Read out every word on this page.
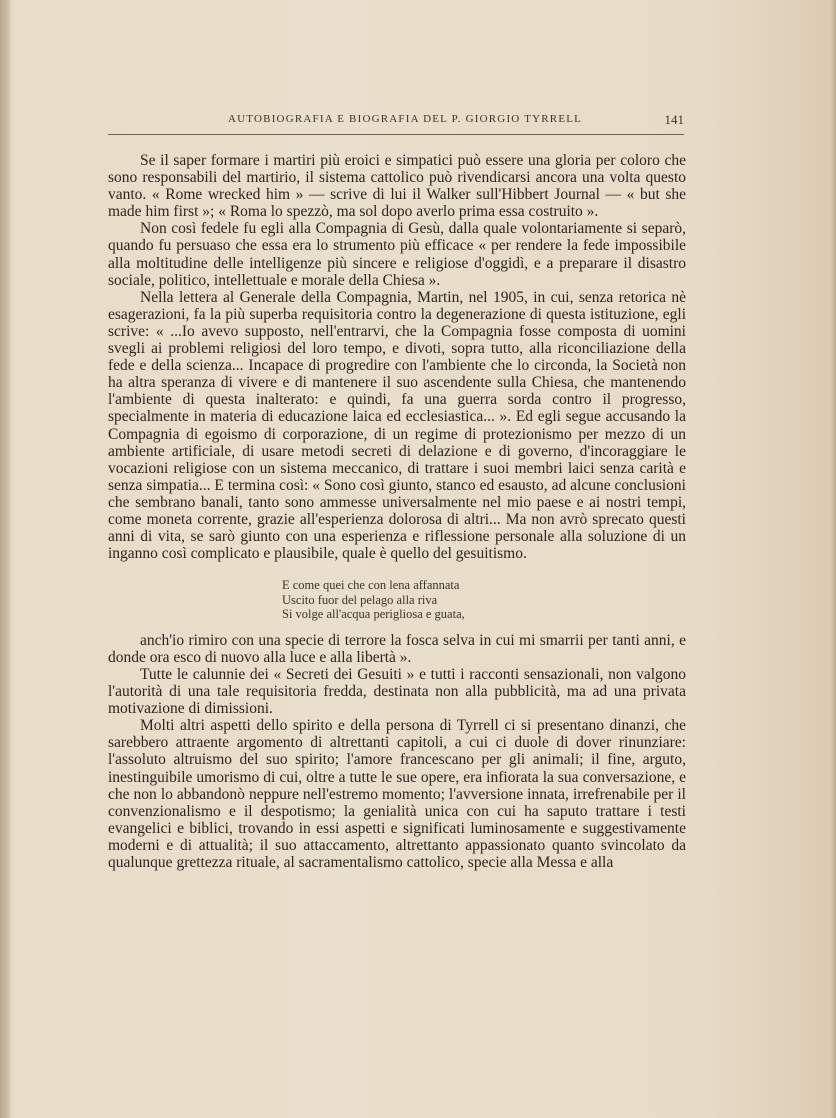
AUTOBIOGRAFIA E BIOGRAFIA DEL P. GIORGIO TYRRELL	141

Se il saper formare i martiri più eroici e simpatici può essere una gloria per coloro che sono responsabili del martirio, il sistema cattolico può rivendicarsi ancora una volta questo vanto. « Rome wrecked him » — scrive di lui il Walker sull'Hibbert Journal — « but she made him first »; « Roma lo spezzò, ma sol dopo averlo prima essa costruito ».

Non così fedele fu egli alla Compagnia di Gesù, dalla quale volontariamente si separò, quando fu persuaso che essa era lo strumento più efficace « per rendere la fede impossibile alla moltitudine delle intelligenze più sincere e religiose d'oggidì, e a preparare il disastro sociale, politico, intellettuale e morale della Chiesa ».

Nella lettera al Generale della Compagnia, Martin, nel 1905, in cui, senza retorica nè esagerazioni, fa la più superba requisitoria contro la degenerazione di questa istituzione, egli scrive: « ...Io avevo supposto, nell'entrarvi, che la Compagnia fosse composta di uomini svegli ai problemi religiosi del loro tempo, e divoti, sopra tutto, alla riconciliazione della fede e della scienza... Incapace di progredire con l'ambiente che lo circonda, la Società non ha altra speranza di vivere e di mantenere il suo ascendente sulla Chiesa, che mantenendo l'ambiente di questa inalterato: e quindi, fa una guerra sorda contro il progresso, specialmente in materia di educazione laica ed ecclesiastica... ». Ed egli segue accusando la Compagnia di egoismo di corporazione, di un regime di protezionismo per mezzo di un ambiente artificiale, di usare metodi secreti di delazione e di governo, d'incoraggiare le vocazioni religiose con un sistema meccanico, di trattare i suoi membri laici senza carità e senza simpatia... E termina così: « Sono così giunto, stanco ed esausto, ad alcune conclusioni che sembrano banali, tanto sono ammesse universalmente nel mio paese e ai nostri tempi, come moneta corrente, grazie all'esperienza dolorosa di altri... Ma non avrò sprecato questi anni di vita, se sarò giunto con una esperienza e riflessione personale alla soluzione di un inganno così complicato e plausibile, quale è quello del gesuitismo.

E come quei che con lena affannata
Uscito fuor del pelago alla riva
Si volge all'acqua perigliosa e guata,

anch'io rimiro con una specie di terrore la fosca selva in cui mi smarrii per tanti anni, e donde ora esco di nuovo alla luce e alla libertà ».

Tutte le calunnie dei « Secreti dei Gesuiti » e tutti i racconti sensazionali, non valgono l'autorità di una tale requisitoria fredda, destinata non alla pubblicità, ma ad una privata motivazione di dimissioni.

Molti altri aspetti dello spirito e della persona di Tyrrell ci si presentano dinanzi, che sarebbero attraente argomento di altrettanti capitoli, a cui ci duole di dover rinunziare: l'assoluto altruismo del suo spirito; l'amore francescano per gli animali; il fine, arguto, inestinguibile umorismo di cui, oltre a tutte le sue opere, era infiorata la sua conversazione, e che non lo abbandonò neppure nell'estremo momento; l'avversione innata, irrefrenabile per il convenzionalismo e il despotismo; la genialità unica con cui ha saputo trattare i testi evangelici e biblici, trovando in essi aspetti e significati luminosamente e suggestivamente moderni e di attualità; il suo attaccamento, altrettanto appassionato quanto svincolato da qualunque grettezza rituale, al sacramentalismo cattolico, specie alla Messa e alla
